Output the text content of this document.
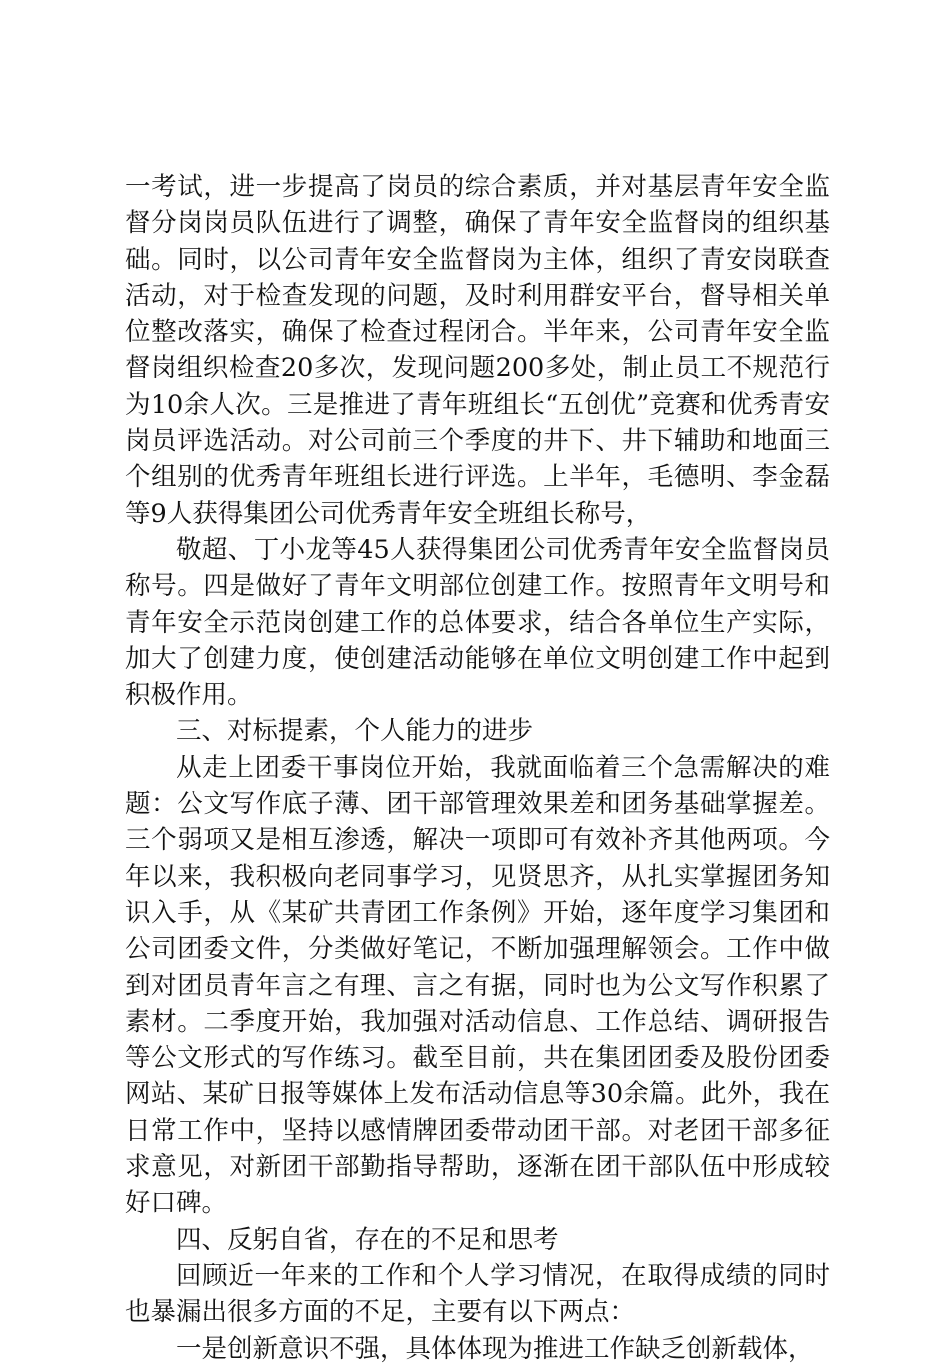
一考试，进一步提高了岗员的综合素质，并对基层青年安全监督分岗岗员队伍进行了调整，确保了青年安全监督岗的组织基础。同时，以公司青年安全监督岗为主体，组织了青安岗联查活动，对于检查发现的问题，及时利用群安平台，督导相关单位整改落实，确保了检查过程闭合。半年来，公司青年安全监督岗组织检查20多次，发现问题200多处，制止员工不规范行为10余人次。三是推进了青年班组长“五创优”竞赛和优秀青安岗员评选活动。对公司前三个季度的井下、井下辅助和地面三个组别的优秀青年班组长进行评选。上半年，毛德明、李金磊等9人获得集团公司优秀青年安全班组长称号，

敬超、丁小龙等45人获得集团公司优秀青年安全监督岗员称号。四是做好了青年文明部位创建工作。按照青年文明号和青年安全示范岗创建工作的总体要求，结合各单位生产实际，加大了创建力度，使创建活动能够在单位文明创建工作中起到积极作用。

三、对标提素，个人能力的进步

从走上团委干事岗位开始，我就面临着三个急需解决的难题：公文写作底子薄、团干部管理效果差和团务基础掌握差。三个弱项又是相互渗透，解决一项即可有效补齐其他两项。今年以来，我积极向老同事学习，见贤思齐，从扎实掌握团务知识入手，从《某矿共青团工作条例》开始，逐年度学习集团和公司团委文件，分类做好笔记，不断加强理解领会。工作中做到对团员青年言之有理、言之有据，同时也为公文写作积累了素材。二季度开始，我加强对活动信息、工作总结、调研报告等公文形式的写作练习。截至目前，共在集团团委及股份团委网站、某矿日报等媒体上发布活动信息等30余篇。此外，我在日常工作中，坚持以感情牌团委带动团干部。对老团干部多征求意见，对新团干部勤指导帮助，逐渐在团干部队伍中形成较好口碑。

四、反躬自省，存在的不足和思考

回顾近一年来的工作和个人学习情况，在取得成绩的同时也暴漏出很多方面的不足，主要有以下两点：

一是创新意识不强，具体体现为推进工作缺乏创新载体，
